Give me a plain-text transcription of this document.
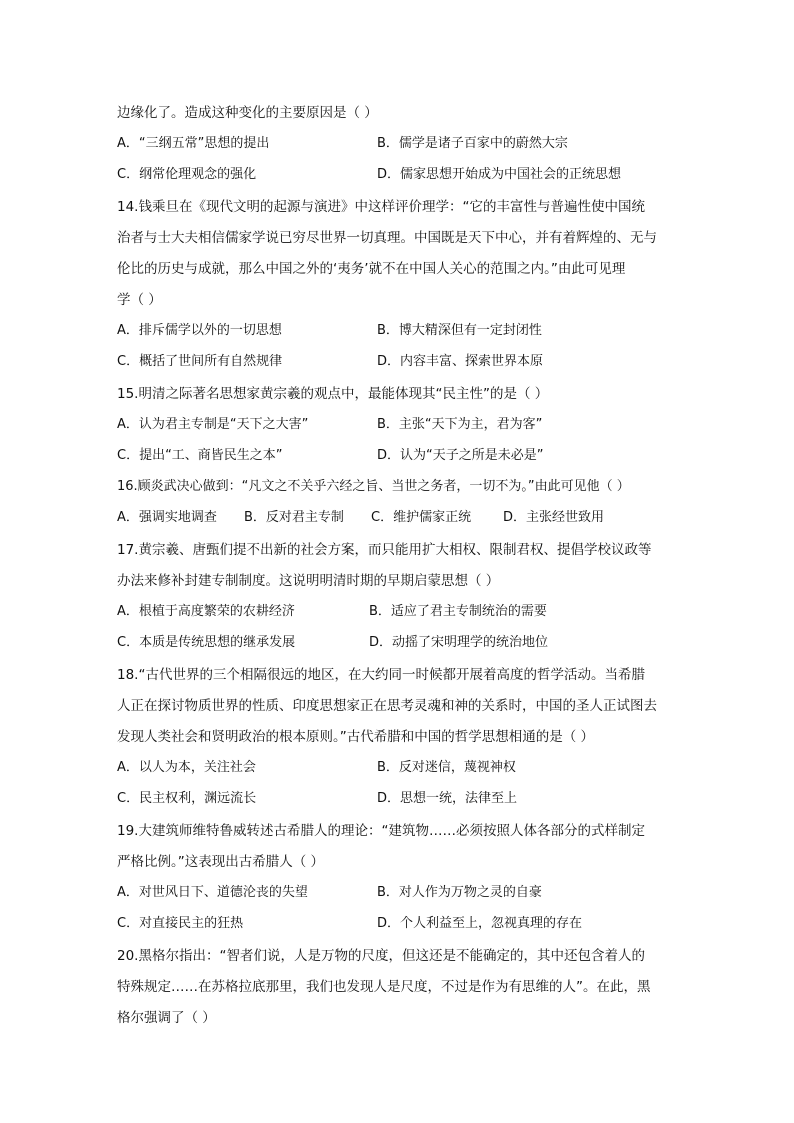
边缘化了。造成这种变化的主要原因是（ ）
A．“三纲五常”思想的提出	B．儒学是诸子百家中的蔚然大宗
C．纲常伦理观念的强化	D．儒家思想开始成为中国社会的正统思想
14.钱乘旦在《现代文明的起源与演进》中这样评价理学：“它的丰富性与普遍性使中国统
治者与士大夫相信儒家学说已穷尽世界一切真理。中国既是天下中心，并有着辉煌的、无与
伦比的历史与成就，那么中国之外的‘夷务’就不在中国人关心的范围之内。”由此可见理
学（ ）
A．排斥儒学以外的一切思想	B．博大精深但有一定封闭性
C．概括了世间所有自然规律	D．内容丰富、探索世界本原
15.明清之际著名思想家黄宗羲的观点中，最能体现其“民主性”的是（ ）
A．认为君主专制是“天下之大害”	B．主张“天下为主，君为客”
C．提出“工、商皆民生之本”	D．认为“天子之所是未必是”
16.顾炎武决心做到：“凡文之不关乎六经之旨、当世之务者，一切不为。”由此可见他（ ）
A．强调实地调查 B．反对君主专制 C．维护儒家正统 D．主张经世致用
17.黄宗羲、唐甄们提不出新的社会方案，而只能用扩大相权、限制君权、提倡学校议政等
办法来修补封建专制制度。这说明明清时期的早期启蒙思想（ ）
A．根植于高度繁荣的农耕经济	B．适应了君主专制统治的需要
C．本质是传统思想的继承发展	D．动摇了宋明理学的统治地位
18.“古代世界的三个相隔很远的地区，在大约同一时候都开展着高度的哲学活动。当希腊
人正在探讨物质世界的性质、印度思想家正在思考灵魂和神的关系时，中国的圣人正试图去
发现人类社会和贤明政治的根本原则。”古代希腊和中国的哲学思想相通的是（ ）
A．以人为本，关注社会	B．反对迷信，蔑视神权
C．民主权利，渊远流长	D．思想一统，法律至上
19.大建筑师维特鲁威转述古希腊人的理论：“建筑物……必须按照人体各部分的式样制定
严格比例。”这表现出古希腊人（ ）
A．对世风日下、道德沦丧的失望	B．对人作为万物之灵的自豪
C．对直接民主的狂热	D．个人利益至上，忽视真理的存在
20.黑格尔指出：“智者们说，人是万物的尺度，但这还是不能确定的，其中还包含着人的
特殊规定……在苏格拉底那里，我们也发现人是尺度，不过是作为有思维的人”。在此，黑
格尔强调了（ ）
